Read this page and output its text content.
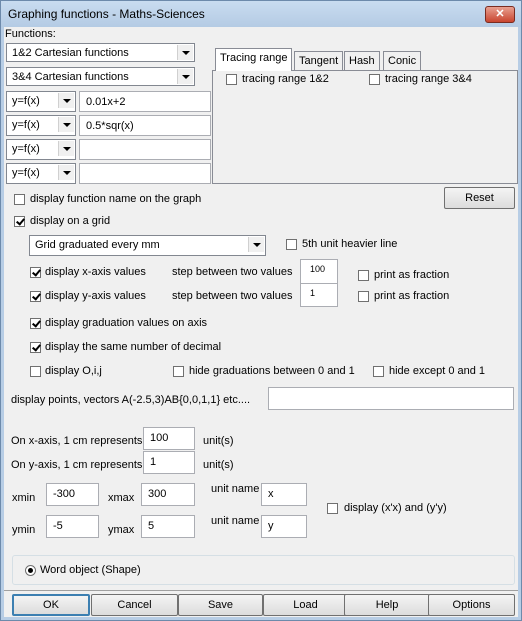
Graphing functions - Maths-Sciences	✕
Functions:
1&2 Cartesian functions
3&4 Cartesian functions
y=f(x)	0.01x+2
y=f(x)	0.5*sqr(x)
y=f(x)
y=f(x)
Tracing range	Tangent Hash	Conic
tracing range 1&2	tracing range 3&4
display function name on the graph	Reset
display on a grid
Grid graduated every mm	5th unit heavier line
display x-axis values step between two values 100	print as fraction
display y-axis values step between two values 1	print as fraction
display graduation values on axis
display the same number of decimal
display O,i,j	hide graduations between 0 and 1	hide except 0 and 1
display points, vectors A(-2.5,3)AB{0,0,1,1} etc....
On x-axis, 1 cm represents 100	unit(s)
On y-axis, 1 cm represents 1	unit(s)
xmin -300	xmax 300	unit name x
ymin -5	ymax 5	unit name y
display (x'x) and (y'y)
Word object (Shape)
OK	Cancel	Save	Load	Help	Options
